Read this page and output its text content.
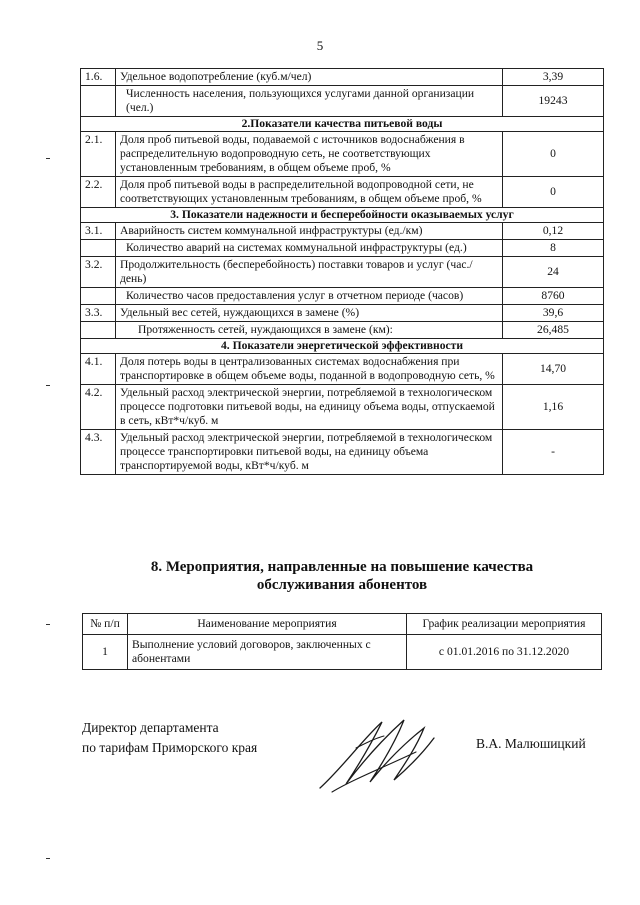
5
1.6.	Удельное водопотребление (куб.м/чел)	3,39
	Численность населения, пользующихся услугами данной организации (чел.)	19243
2.Показатели качества питьевой воды		
2.1.	Доля проб питьевой воды, подаваемой с источников водоснабжения в распределительную водопроводную сеть, не соответствующих установленным требованиям, в общем объеме проб, %	0
2.2.	Доля проб питьевой воды в распределительной водопроводной сети, не соответствующих установленным требованиям, в общем объеме проб, %	0
3. Показатели надежности и бесперебойности оказываемых услуг		
3.1.	Аварийность систем коммунальной инфраструктуры (ед./км)	0,12
	Количество аварий на системах коммунальной инфраструктуры (ед.)	8
3.2.	Продолжительность (бесперебойность) поставки товаров и услуг (час./день)	24
	Количество часов предоставления услуг в отчетном периоде (часов)	8760
3.3.	Удельный вес сетей, нуждающихся в замене (%)	39,6
	Протяженность сетей, нуждающихся в замене (км):	26,485
4. Показатели энергетической эффективности		
4.1.	Доля потерь воды в централизованных системах водоснабжения при транспортировке в общем объеме воды, поданной в водопроводную сеть, %	14,70
4.2.	Удельный расход электрической энергии, потребляемой в технологическом процессе подготовки питьевой воды, на единицу объема воды, отпускаемой в сеть, кВт*ч/куб. м	1,16
4.3.	Удельный расход электрической энергии, потребляемой в технологическом процессе транспортировки питьевой воды, на единицу объема транспортируемой воды, кВт*ч/куб. м	-
8. Мероприятия, направленные на повышение качества
обслуживания абонентов
№ п/п	Наименование мероприятия	График реализации мероприятия
1	Выполнение условий договоров, заключенных с абонентами	с 01.01.2016 по 31.12.2020
Директор департамента
по тарифам Приморского края	В.А. Малюшицкий
